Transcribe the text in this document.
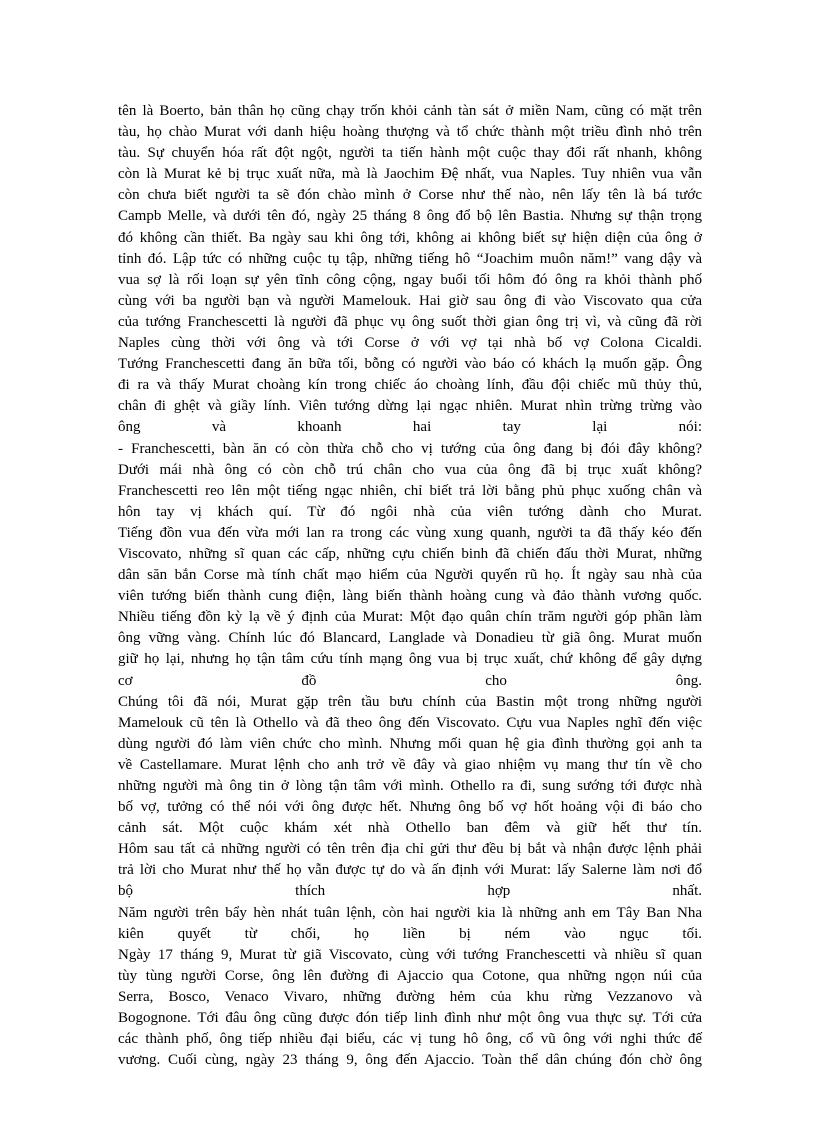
tên là Boerto, bản thân họ cũng chạy trốn khỏi cảnh tàn sát ở miền Nam, cũng có mặt trên
tàu, họ chào Murat với danh hiệu hoàng thượng và tổ chức thành một triều đình nhỏ trên
tàu. Sự chuyển hóa rất đột ngột, người ta tiến hành một cuộc thay đổi rất nhanh, không
còn là Murat kẻ bị trục xuất nữa, mà là Jaochim Đệ nhất, vua Naples. Tuy nhiên vua vẫn
còn chưa biết người ta sẽ đón chào mình ở Corse như thế nào, nên lấy tên là bá tước
Campb Melle, và dưới tên đó, ngày 25 tháng 8 ông đổ bộ lên Bastia. Nhưng sự thận trọng
đó không cần thiết. Ba ngày sau khi ông tới, không ai không biết sự hiện diện của ông ở
tỉnh đó. Lập tức có những cuộc tụ tập, những tiếng hô “Joachim muôn năm!” vang dậy và
vua sợ là rối loạn sự yên tĩnh công cộng, ngay buổi tối hôm đó ông ra khỏi thành phố
cùng với ba người bạn và người Mamelouk. Hai giờ sau ông đi vào Viscovato qua cửa
của tướng Franchescetti là người đã phục vụ ông suốt thời gian ông trị vì, và cũng đã rời
Naples cùng thời với ông và tới Corse ở với vợ tại nhà bố vợ Colona Cicaldi.
Tướng Franchescetti đang ăn bữa tối, bỗng có người vào báo có khách lạ muốn gặp. Ông
đi ra và thấy Murat choàng kín trong chiếc áo choàng lính, đầu đội chiếc mũ thủy thủ,
chân đi ghệt và giầy lính. Viên tướng dừng lại ngạc nhiên. Murat nhìn trừng trừng vào
ông và khoanh hai tay lại nói:
- Franchescetti, bàn ăn có còn thừa chỗ cho vị tướng của ông đang bị đói đây không?
Dưới mái nhà ông có còn chỗ trú chân cho vua của ông đã bị trục xuất không?
Franchescetti reo lên một tiếng ngạc nhiên, chỉ biết trả lời bằng phủ phục xuống chân và
hôn tay vị khách quí. Từ đó ngôi nhà của viên tướng dành cho Murat.
Tiếng đồn vua đến vừa mới lan ra trong các vùng xung quanh, người ta đã thấy kéo đến
Viscovato, những sĩ quan các cấp, những cựu chiến binh đã chiến đấu thời Murat, những
dân săn bắn Corse mà tính chất mạo hiểm của Người quyến rũ họ. Ít ngày sau nhà của
viên tướng biến thành cung điện, làng biến thành hoàng cung và đảo thành vương quốc.
Nhiều tiếng đồn kỳ lạ về ý định của Murat: Một đạo quân chín trăm người góp phần làm
ông vững vàng. Chính lúc đó Blancard, Langlade và Donadieu từ giã ông. Murat muốn
giữ họ lại, nhưng họ tận tâm cứu tính mạng ông vua bị trục xuất, chứ không để gây dựng
cơ đồ cho ông.
Chúng tôi đã nói, Murat gặp trên tầu bưu chính của Bastin một trong những người
Mamelouk cũ tên là Othello và đã theo ông đến Viscovato. Cựu vua Naples nghĩ đến việc
dùng người đó làm viên chức cho mình. Nhưng mối quan hệ gia đình thường gọi anh ta
về Castellamare. Murat lệnh cho anh trở về đây và giao nhiệm vụ mang thư tín về cho
những người mà ông tin ở lòng tận tâm với mình. Othello ra đi, sung sướng tới được nhà
bố vợ, tưởng có thể nói với ông được hết. Nhưng ông bố vợ hốt hoảng vội đi báo cho
cảnh sát. Một cuộc khám xét nhà Othello ban đêm và giữ hết thư tín.
Hôm sau tất cả những người có tên trên địa chỉ gửi thư đều bị bắt và nhận được lệnh phải
trả lời cho Murat như thế họ vẫn được tự do và ấn định với Murat: lấy Salerne làm nơi đổ
bộ thích hợp nhất.
Năm người trên bẩy hèn nhát tuân lệnh, còn hai người kia là những anh em Tây Ban Nha
kiên quyết từ chối, họ liền bị ném vào ngục tối.
Ngày 17 tháng 9, Murat từ giã Viscovato, cùng với tướng Franchescetti và nhiều sĩ quan
tùy tùng người Corse, ông lên đường đi Ajaccio qua Cotone, qua những ngọn núi của
Serra, Bosco, Venaco Vivaro, những đường hẻm của khu rừng Vezzanovo và
Bogognone. Tới đâu ông cũng được đón tiếp linh đình như một ông vua thực sự. Tới cửa
các thành phố, ông tiếp nhiều đại biểu, các vị tung hô ông, cổ vũ ông với nghi thức đế
vương. Cuối cùng, ngày 23 tháng 9, ông đến Ajaccio. Toàn thể dân chúng đón chờ ông
